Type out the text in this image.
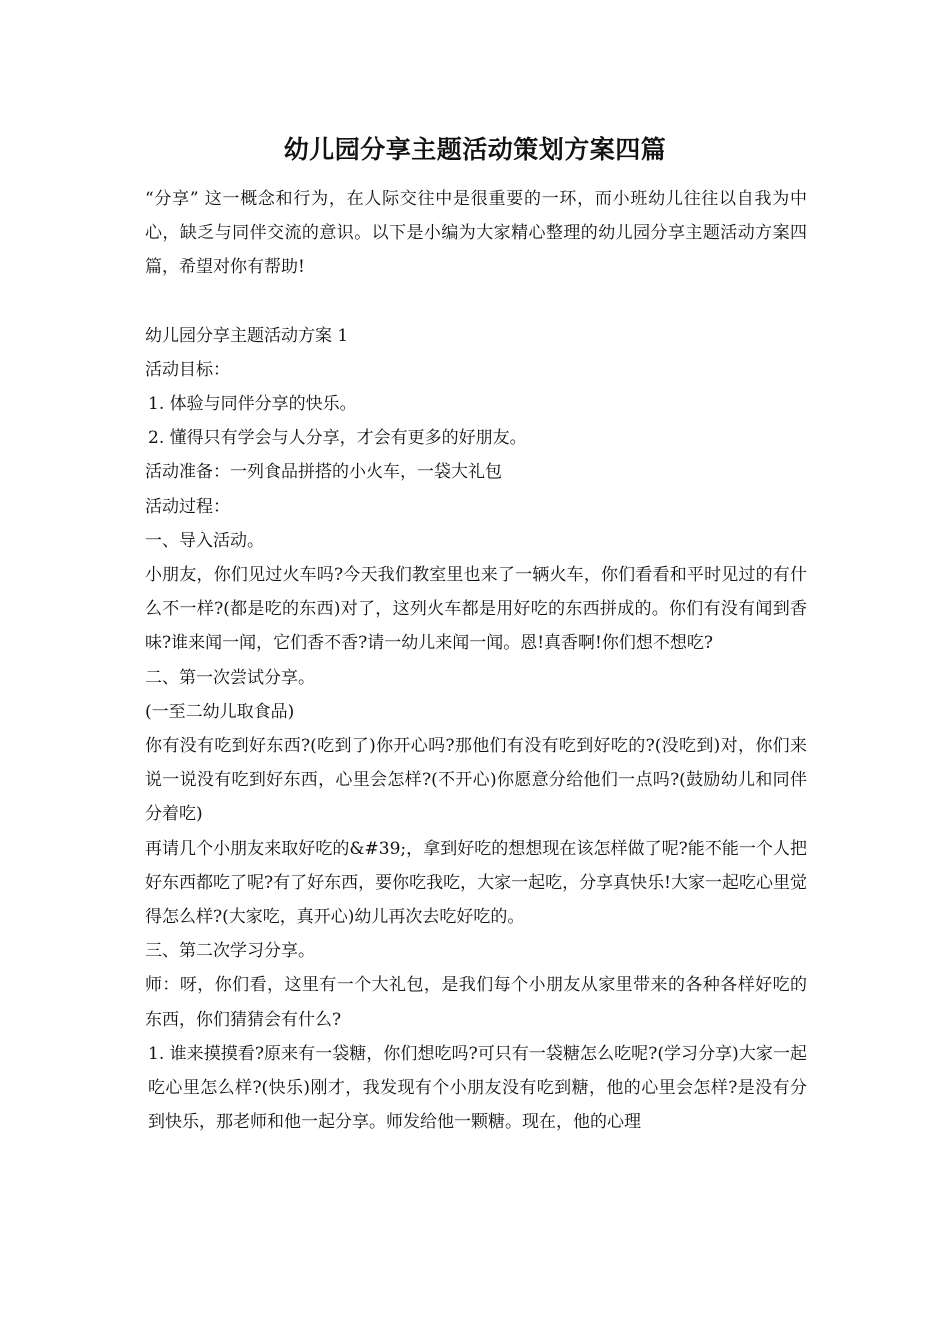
幼儿园分享主题活动策划方案四篇

“分享” 这一概念和行为，在人际交往中是很重要的一环，而小班幼儿往往以自我为中心，缺乏与同伴交流的意识。以下是小编为大家精心整理的幼儿园分享主题活动方案四篇，希望对你有帮助!

幼儿园分享主题活动方案 1

活动目标：

1. 体验与同伴分享的快乐。

2. 懂得只有学会与人分享，才会有更多的好朋友。

活动准备：一列食品拼搭的小火车，一袋大礼包

活动过程：

一、导入活动。

小朋友，你们见过火车吗?今天我们教室里也来了一辆火车，你们看看和平时见过的有什么不一样?(都是吃的东西)对了，这列火车都是用好吃的东西拼成的。你们有没有闻到香味?谁来闻一闻，它们香不香?请一幼儿来闻一闻。恩!真香啊!你们想不想吃?

二、第一次尝试分享。

(一至二幼儿取食品)

你有没有吃到好东西?(吃到了)你开心吗?那他们有没有吃到好吃的?(没吃到)对，你们来说一说没有吃到好东西，心里会怎样?(不开心)你愿意分给他们一点吗?(鼓励幼儿和同伴分着吃)

再请几个小朋友来取好吃的&#39;，拿到好吃的想想现在该怎样做了呢?能不能一个人把好东西都吃了呢?有了好东西，要你吃我吃，大家一起吃，分享真快乐!大家一起吃心里觉得怎么样?(大家吃，真开心)幼儿再次去吃好吃的。

三、第二次学习分享。

师：呀，你们看，这里有一个大礼包，是我们每个小朋友从家里带来的各种各样好吃的东西，你们猜猜会有什么?

1. 谁来摸摸看?原来有一袋糖，你们想吃吗?可只有一袋糖怎么吃呢?(学习分享)大家一起吃心里怎么样?(快乐)刚才，我发现有个小朋友没有吃到糖，他的心里会怎样?是没有分到快乐，那老师和他一起分享。师发给他一颗糖。现在，他的心理
